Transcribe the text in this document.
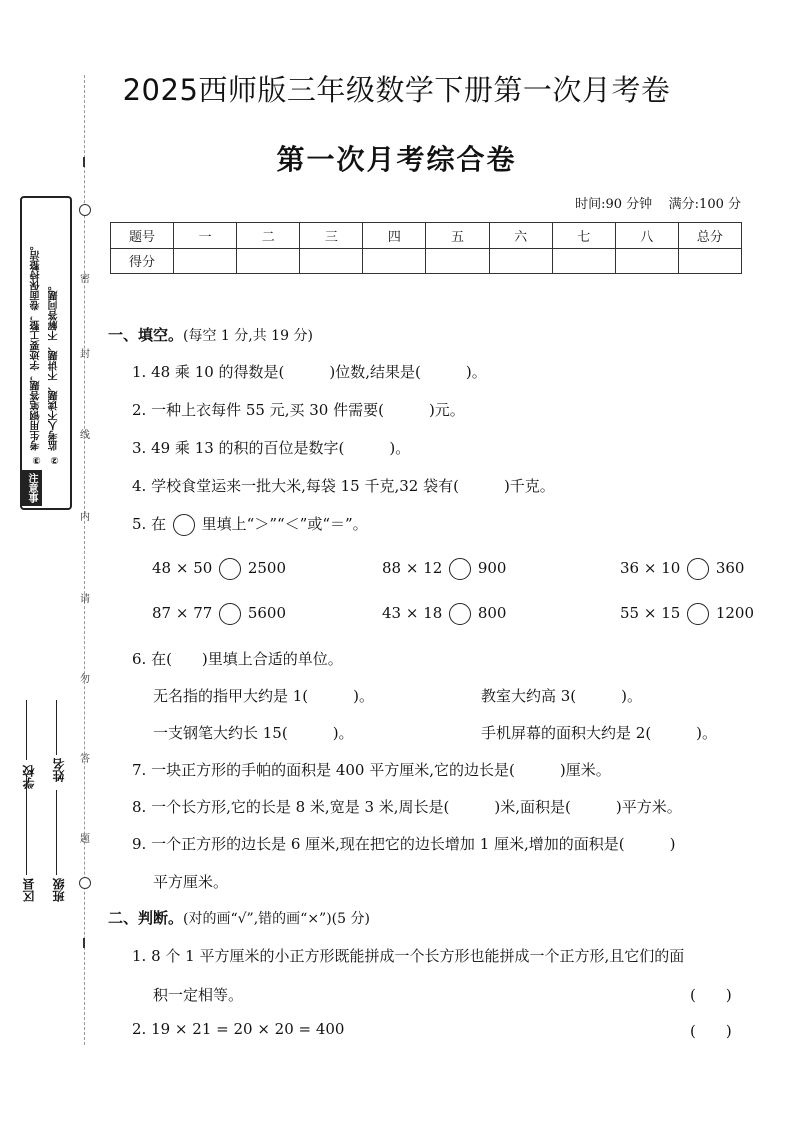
密
封
线
内
请
勿
答
题
② 监考人不读题、不讲题、不解答问题。
③ 考生用钢笔答题，字迹要工整，卷面保持整洁。
注意事项
区县
学校
班级
姓名
2025西师版三年级数学下册第一次月考卷
第一次月考综合卷
时间:90 分钟 满分:100 分
题号	一	二	三	四	五	六	七	八	总分
得分									
一、填空。(每空 1 分,共 19 分)
1. 48 乘 10 的得数是(　　　)位数,结果是(　　　)。
2. 一种上衣每件 55 元,买 30 件需要(　　　)元。
3. 49 乘 13 的积的百位是数字(　　　)。
4. 学校食堂运来一批大米,每袋 15 千克,32 袋有(　　　)千克。
5. 在 里填上“＞”“＜”或“＝”。
48 × 50 2500	88 × 12 900	36 × 10 360
87 × 77 5600	43 × 18 800	55 × 15 1200
6. 在(　　)里填上合适的单位。
无名指的指甲大约是 1(　　　)。	教室大约高 3(　　　)。
一支钢笔大约长 15(　　　)。	手机屏幕的面积大约是 2(　　　)。
7. 一块正方形的手帕的面积是 400 平方厘米,它的边长是(　　　)厘米。
8. 一个长方形,它的长是 8 米,宽是 3 米,周长是(　　　)米,面积是(　　　)平方米。
9. 一个正方形的边长是 6 厘米,现在把它的边长增加 1 厘米,增加的面积是(　　　)
平方厘米。
二、判断。(对的画“√”,错的画“×”)(5 分)
1. 8 个 1 平方厘米的小正方形既能拼成一个长方形也能拼成一个正方形,且它们的面
积一定相等。	(　　)
2. 19 × 21 = 20 × 20 = 400	(　　)
